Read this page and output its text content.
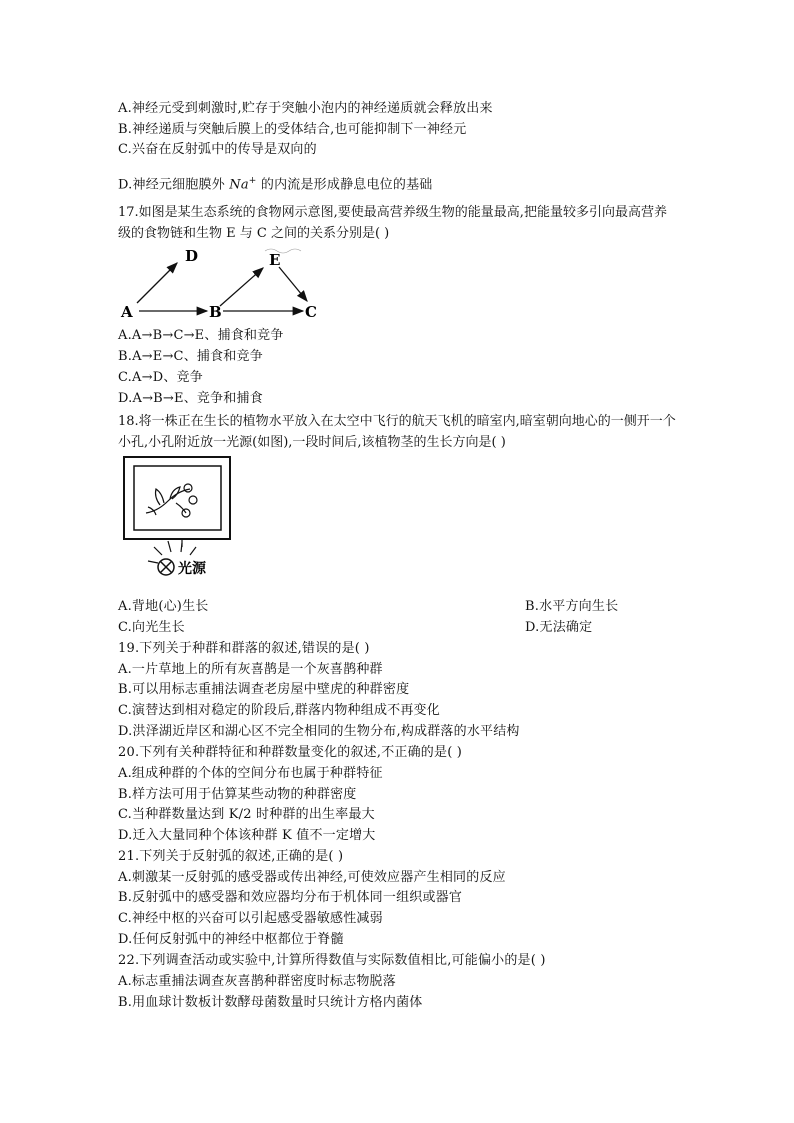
A.神经元受到刺激时,贮存于突触小泡内的神经递质就会释放出来
B.神经递质与突触后膜上的受体结合,也可能抑制下一神经元
C.兴奋在反射弧中的传导是双向的
D.神经元细胞膜外 Na+ 的内流是形成静息电位的基础
17.如图是某生态系统的食物网示意图,要使最高营养级生物的能量最高,把能量较多引向最高营养级的食物链和生物 E 与 C 之间的关系分别是( )
A
D
B
E
C
A.A→B→C→E、捕食和竞争
B.A→E→C、捕食和竞争
C.A→D、竞争
D.A→B→E、竞争和捕食
18.将一株正在生长的植物水平放入在太空中飞行的航天飞机的暗室内,暗室朝向地心的一侧开一个小孔,小孔附近放一光源(如图),一段时间后,该植物茎的生长方向是( )
光源
A.背地(心)生长	B.水平方向生长
C.向光生长	D.无法确定
19.下列关于种群和群落的叙述,错误的是( )
A.一片草地上的所有灰喜鹊是一个灰喜鹊种群
B.可以用标志重捕法调查老房屋中壁虎的种群密度
C.演替达到相对稳定的阶段后,群落内物种组成不再变化
D.洪泽湖近岸区和湖心区不完全相同的生物分布,构成群落的水平结构
20.下列有关种群特征和种群数量变化的叙述,不正确的是( )
A.组成种群的个体的空间分布也属于种群特征
B.样方法可用于估算某些动物的种群密度
C.当种群数量达到 K/2 时种群的出生率最大
D.迁入大量同种个体该种群 K 值不一定增大
21.下列关于反射弧的叙述,正确的是( )
A.刺激某一反射弧的感受器或传出神经,可使效应器产生相同的反应
B.反射弧中的感受器和效应器均分布于机体同一组织或器官
C.神经中枢的兴奋可以引起感受器敏感性减弱
D.任何反射弧中的神经中枢都位于脊髓
22.下列调查活动或实验中,计算所得数值与实际数值相比,可能偏小的是( )
A.标志重捕法调查灰喜鹊种群密度时标志物脱落
B.用血球计数板计数酵母菌数量时只统计方格内菌体
